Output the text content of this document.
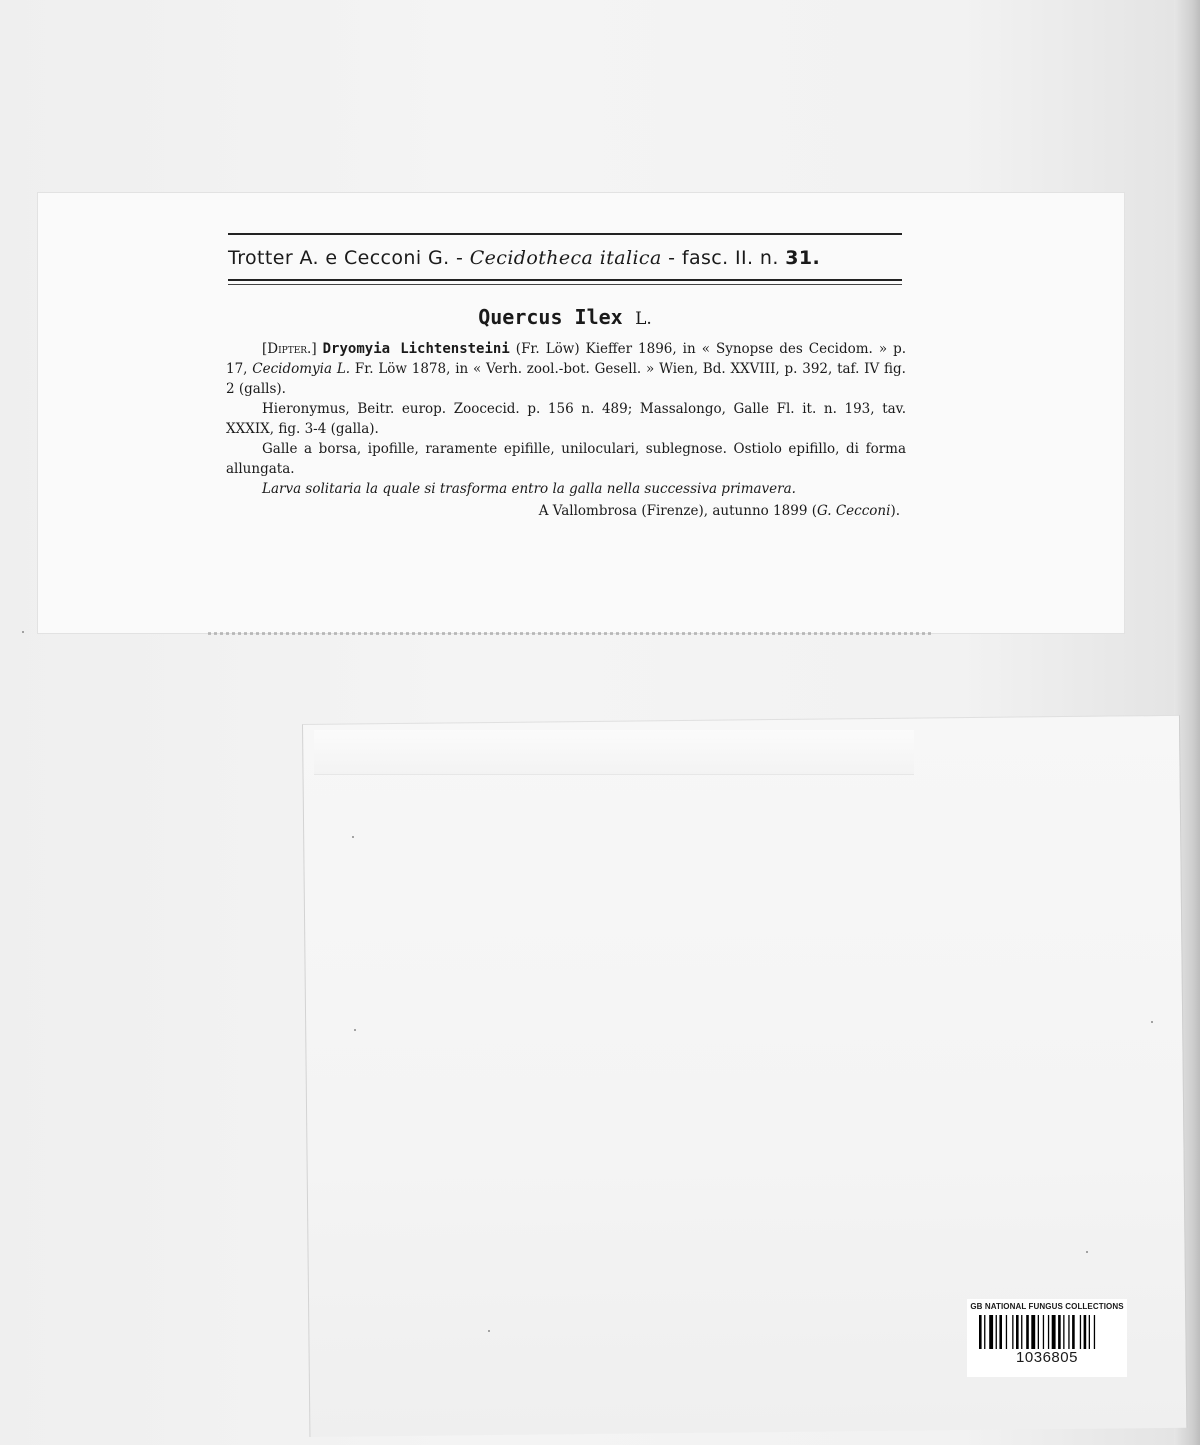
Trotter A. e Cecconi G. - Cecidotheca italica - fasc. II. n. 31.
Quercus Ilex L.

[Dipter.] Dryomyia Lichtensteini (Fr. Löw) Kieffer 1896, in « Synopse des Cecidom. » p. 17, Cecidomyia L. Fr. Löw 1878, in « Verh. zool.-bot. Gesell. » Wien, Bd. XXVIII, p. 392, taf. IV fig. 2 (galls).

Hieronymus, Beitr. europ. Zoocecid. p. 156 n. 489; Massalongo, Galle Fl. it. n. 193, tav. XXXIX, fig. 3-4 (galla).

Galle a borsa, ipofille, raramente epifille, uniloculari, sublegnose. Ostiolo epifillo, di forma allungata.

Larva solitaria la quale si trasforma entro la galla nella successiva primavera.

A Vallombrosa (Firenze), autunno 1899 (G. Cecconi).
GB NATIONAL FUNGUS COLLECTIONS
1036805
